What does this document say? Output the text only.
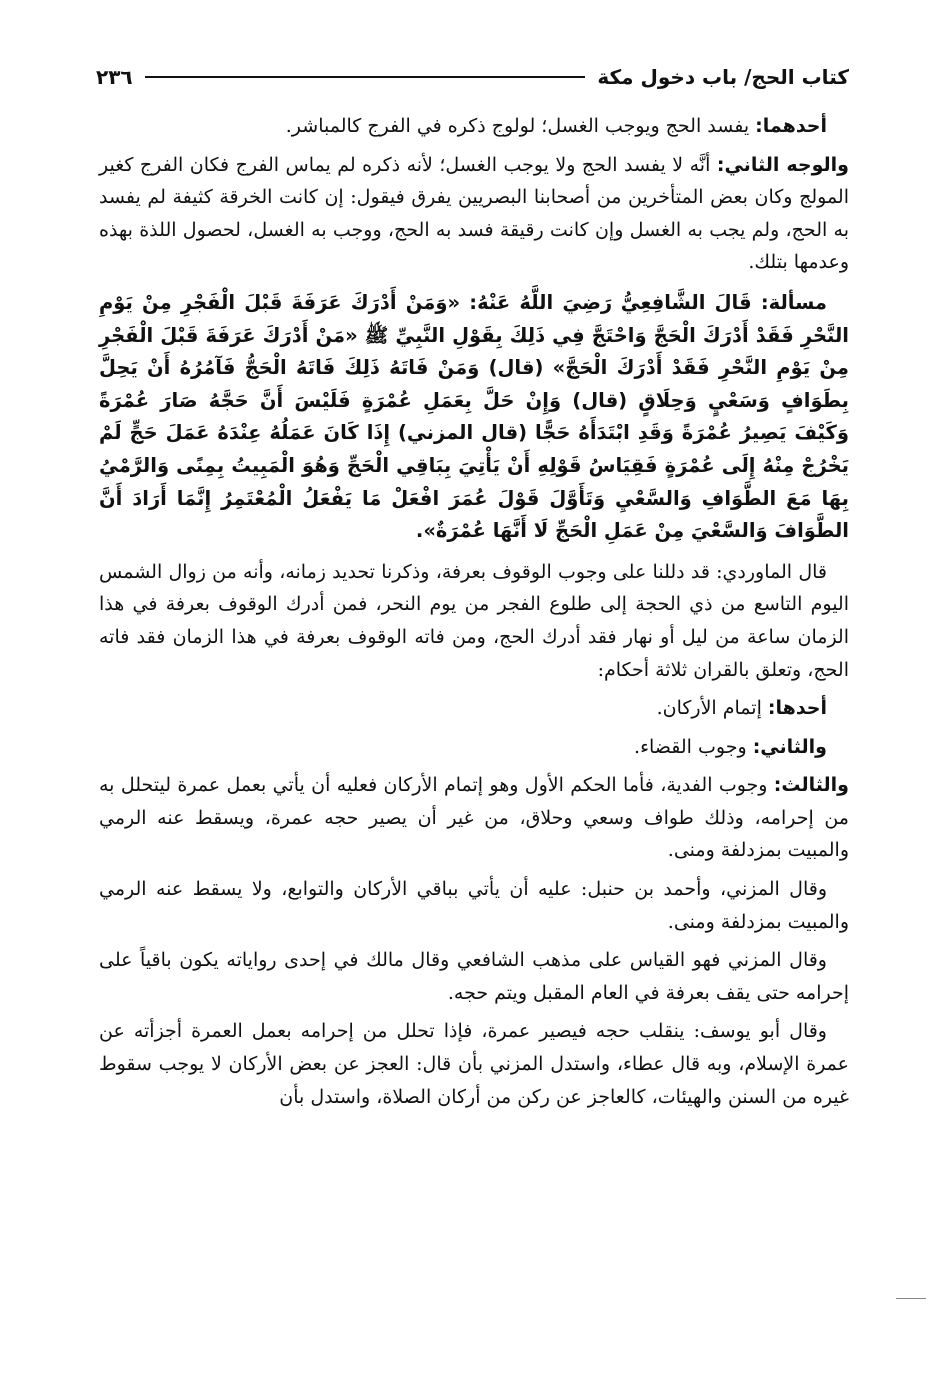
٢٣٦	كتاب الحج/ باب دخول مكة

أحدهما: يفسد الحج ويوجب الغسل؛ لولوج ذكره في الفرج كالمباشر.

والوجه الثاني: أنَّه لا يفسد الحج ولا يوجب الغسل؛ لأنه ذكره لم يماس الفرج فكان الفرج كغير المولج وكان بعض المتأخرين من أصحابنا البصريين يفرق فيقول: إن كانت الخرقة كثيفة لم يفسد به الحج، ولم يجب به الغسل وإن كانت رقيقة فسد به الحج، ووجب به الغسل، لحصول اللذة بهذه وعدمها بتلك.

مسألة: قَالَ الشَّافِعِيُّ رَضِيَ اللَّهُ عَنْهُ: «وَمَنْ أَدْرَكَ عَرَفَةَ قَبْلَ الْفَجْرِ مِنْ يَوْمِ النَّحْرِ فَقَدْ أَدْرَكَ الْحَجَّ وَاحْتَجَّ فِي ذَلِكَ بِقَوْلِ النَّبِيِّ ﷺ «مَنْ أَدْرَكَ عَرَفَةَ قَبْلَ الْفَجْرِ مِنْ يَوْمِ النَّحْرِ فَقَدْ أَدْرَكَ الْحَجَّ» (قال) وَمَنْ فَاتَهُ ذَلِكَ فَاتَهُ الْحَجُّ فَآمُرُهُ أَنْ يَحِلَّ بِطَوَافٍ وَسَعْيٍ وَحِلَاقٍ (قال) وَإِنْ حَلَّ بِعَمَلِ عُمْرَةٍ فَلَيْسَ أَنَّ حَجَّهُ صَارَ عُمْرَةً وَكَيْفَ يَصِيرُ عُمْرَةً وَقَدِ ابْتَدَأَهُ حَجًّا (قال المزني) إِذَا كَانَ عَمَلُهُ عِنْدَهُ عَمَلَ حَجٍّ لَمْ يَخْرُجْ مِنْهُ إِلَى عُمْرَةٍ فَقِيَاسُ قَوْلِهِ أَنْ يَأْتِيَ بِبَاقِي الْحَجِّ وَهُوَ الْمَبِيتُ بِمِنًى وَالرَّمْيُ بِهَا مَعَ الطَّوَافِ وَالسَّعْيِ وَتَأَوَّلَ قَوْلَ عُمَرَ افْعَلْ مَا يَفْعَلُ الْمُعْتَمِرُ إِنَّمَا أَرَادَ أَنَّ الطَّوَافَ وَالسَّعْيَ مِنْ عَمَلِ الْحَجِّ لَا أَنَّهَا عُمْرَةٌ».

قال الماوردي: قد دللنا على وجوب الوقوف بعرفة، وذكرنا تحديد زمانه، وأنه من زوال الشمس اليوم التاسع من ذي الحجة إلى طلوع الفجر من يوم النحر، فمن أدرك الوقوف بعرفة في هذا الزمان ساعة من ليل أو نهار فقد أدرك الحج، ومن فاته الوقوف بعرفة في هذا الزمان فقد فاته الحج، وتعلق بالقران ثلاثة أحكام:

أحدها: إتمام الأركان.

والثاني: وجوب القضاء.

والثالث: وجوب الفدية، فأما الحكم الأول وهو إتمام الأركان فعليه أن يأتي بعمل عمرة ليتحلل به من إحرامه، وذلك طواف وسعي وحلاق، من غير أن يصير حجه عمرة، ويسقط عنه الرمي والمبيت بمزدلفة ومنى.

وقال المزني، وأحمد بن حنبل: عليه أن يأتي بباقي الأركان والتوابع، ولا يسقط عنه الرمي والمبيت بمزدلفة ومنى.

وقال المزني فهو القياس على مذهب الشافعي وقال مالك في إحدى رواياته يكون باقياً على إحرامه حتى يقف بعرفة في العام المقبل ويتم حجه.

وقال أبو يوسف: ينقلب حجه فيصير عمرة، فإذا تحلل من إحرامه بعمل العمرة أجزأته عن عمرة الإسلام، وبه قال عطاء، واستدل المزني بأن قال: العجز عن بعض الأركان لا يوجب سقوط غيره من السنن والهيئات، كالعاجز عن ركن من أركان الصلاة، واستدل بأن
